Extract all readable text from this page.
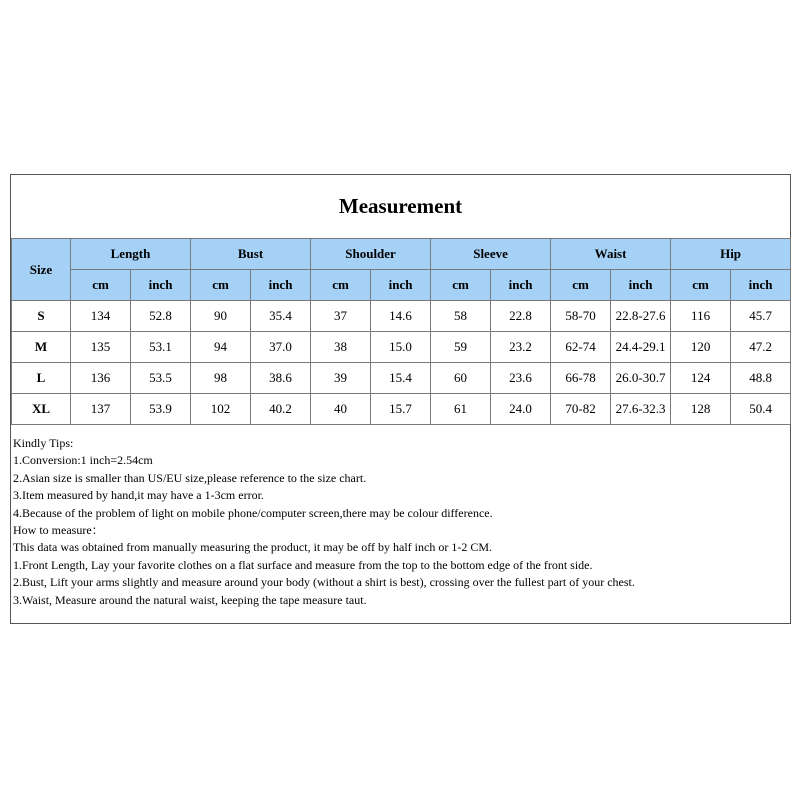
Measurement
Size	Length		Bust		Shoulder		Sleeve		Waist		Hip	
	cm	inch	cm	inch	cm	inch	cm	inch	cm	inch	cm	inch
S	134	52.8	90	35.4	37	14.6	58	22.8	58-70	22.8-27.6	116	45.7
M	135	53.1	94	37.0	38	15.0	59	23.2	62-74	24.4-29.1	120	47.2
L	136	53.5	98	38.6	39	15.4	60	23.6	66-78	26.0-30.7	124	48.8
XL	137	53.9	102	40.2	40	15.7	61	24.0	70-82	27.6-32.3	128	50.4
Kindly Tips:
1.Conversion:1 inch=2.54cm
2.Asian size is smaller than US/EU size,please reference to the size chart.
3.Item measured by hand,it may have a 1-3cm error.
4.Because of the problem of light on mobile phone/computer screen,there may be colour difference.
How to measure：
This data was obtained from manually measuring the product, it may be off by half inch or 1-2 CM.
1.Front Length, Lay your favorite clothes on a flat surface and measure from the top to the bottom edge of the front side.
2.Bust, Lift your arms slightly and measure around your body (without a shirt is best), crossing over the fullest part of your chest.
3.Waist, Measure around the natural waist, keeping the tape measure taut.
